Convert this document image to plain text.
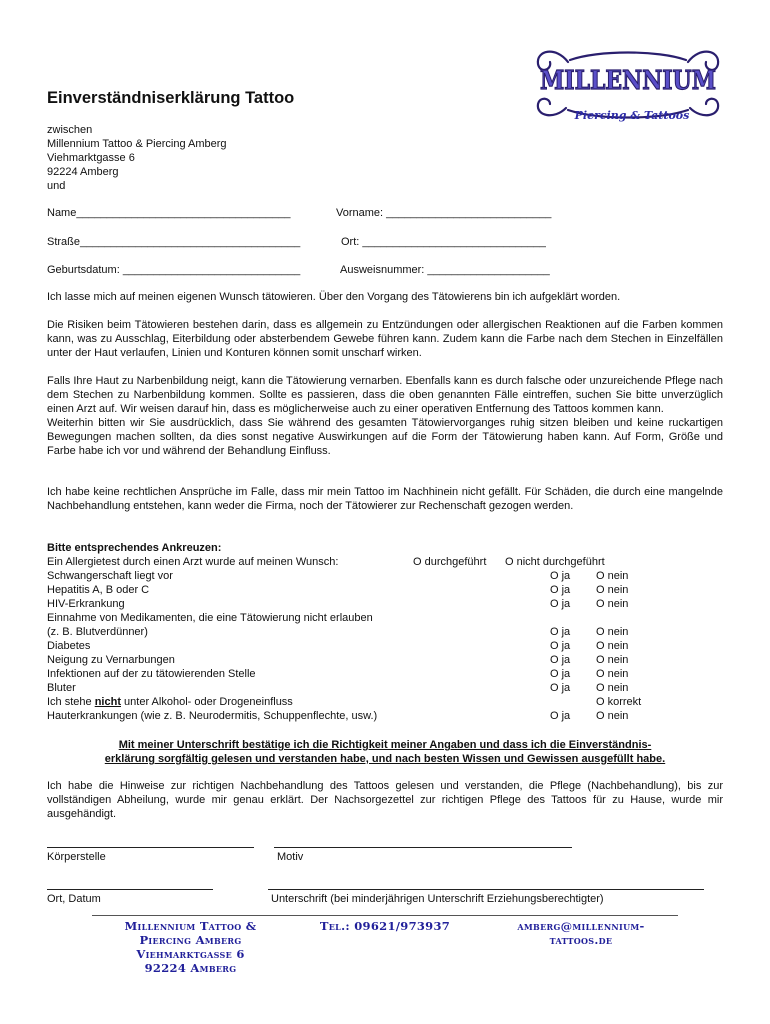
MILLENNIUM
Piercing & Tattoos
Einverständniserklärung Tattoo
zwischen
Millennium Tattoo & Piercing Amberg
Viehmarktgasse 6
92224 Amberg
und
Name___________________________________	Vorname: ___________________________
Straße____________________________________	Ort: ______________________________
Geburtsdatum: _____________________________	Ausweisnummer: ____________________

Ich lasse mich auf meinen eigenen Wunsch tätowieren. Über den Vorgang des Tätowierens bin ich aufgeklärt worden.

Die Risiken beim Tätowieren bestehen darin, dass es allgemein zu Entzündungen oder allergischen Reaktionen auf die Farben kommen kann, was zu Ausschlag, Eiterbildung oder absterbendem Gewebe führen kann. Zudem kann die Farbe nach dem Stechen in Einzelfällen unter der Haut verlaufen, Linien und Konturen können somit unscharf wirken.

Falls Ihre Haut zu Narbenbildung neigt, kann die Tätowierung vernarben. Ebenfalls kann es durch falsche oder unzureichende Pflege nach dem Stechen zu Narbenbildung kommen. Sollte es passieren, dass die oben genannten Fälle eintreffen, suchen Sie bitte unverzüglich einen Arzt auf. Wir weisen darauf hin, dass es möglicherweise auch zu einer operativen Entfernung des Tattoos kommen kann.

Weiterhin bitten wir Sie ausdrücklich, dass Sie während des gesamten Tätowiervorganges ruhig sitzen bleiben und keine ruckartigen Bewegungen machen sollten, da dies sonst negative Auswirkungen auf die Form der Tätowierung haben kann. Auf Form, Größe und Farbe habe ich vor und während der Behandlung Einfluss.

Ich habe keine rechtlichen Ansprüche im Falle, dass mir mein Tattoo im Nachhinein nicht gefällt. Für Schäden, die durch eine mangelnde Nachbehandlung entstehen, kann weder die Firma, noch der Tätowierer zur Rechenschaft gezogen werden.

Bitte entsprechendes Ankreuzen:
Ein Allergietest durch einen Arzt wurde auf meinen Wunsch:	O durchgeführt O nicht durchgeführt
Schwangerschaft liegt vor	O ja O nein
Hepatitis A, B oder C	O ja O nein
HIV-Erkrankung	O ja O nein
Einnahme von Medikamenten, die eine Tätowierung nicht erlauben
(z. B. Blutverdünner)	O ja O nein
Diabetes	O ja O nein
Neigung zu Vernarbungen	O ja O nein
Infektionen auf der zu tätowierenden Stelle	O ja O nein
Bluter	O ja O nein
Ich stehe nicht unter Alkohol- oder Drogeneinfluss	O korrekt
Hauterkrankungen (wie z. B. Neurodermitis, Schuppenflechte, usw.)	O ja O nein
Mit meiner Unterschrift bestätige ich die Richtigkeit meiner Angaben und dass ich die Einverständnis-
erklärung sorgfältig gelesen und verstanden habe, und nach besten Wissen und Gewissen ausgefüllt habe.

Ich habe die Hinweise zur richtigen Nachbehandlung des Tattoos gelesen und verstanden, die Pflege (Nachbehandlung), bis zur vollständigen Abheilung, wurde mir genau erklärt. Der Nachsorgezettel zur richtigen Pflege des Tattoos für zu Hause, wurde mir ausgehändigt.

Körperstelle	Motiv
Ort, Datum	Unterschrift (bei minderjährigen Unterschrift Erziehungsberechtigter)
Millennium Tattoo &
Piercing Amberg
Viehmarktgasse 6
92224 Amberg
Tel.: 09621/973937	amberg@millennium-
tattoos.de
